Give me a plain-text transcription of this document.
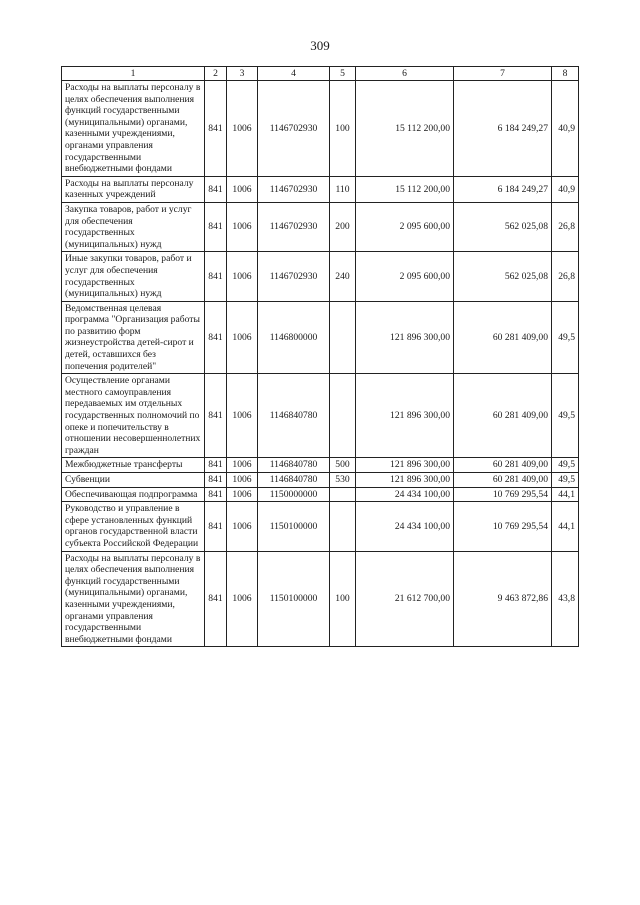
309
1	2	3	4	5	6	7	8
Расходы на выплаты персоналу в целях обеспечения выполнения функций государственными (муниципальными) органами, казенными учреждениями, органами управления государственными внебюджетными фондами	841	1006	1146702930	100	15 112 200,00	6 184 249,27	40,9
Расходы на выплаты персоналу казенных учреждений	841	1006	1146702930	110	15 112 200,00	6 184 249,27	40,9
Закупка товаров, работ и услуг для обеспечения государственных (муниципальных) нужд	841	1006	1146702930	200	2 095 600,00	562 025,08	26,8
Иные закупки товаров, работ и услуг для обеспечения государственных (муниципальных) нужд	841	1006	1146702930	240	2 095 600,00	562 025,08	26,8
Ведомственная целевая программа "Организация работы по развитию форм жизнеустройства детей-сирот и детей, оставшихся без попечения родителей"	841	1006	1146800000		121 896 300,00	60 281 409,00	49,5
Осуществление органами местного самоуправления передаваемых им отдельных государственных полномочий по опеке и попечительству в отношении несовершеннолетних граждан	841	1006	1146840780		121 896 300,00	60 281 409,00	49,5
Межбюджетные трансферты	841	1006	1146840780	500	121 896 300,00	60 281 409,00	49,5
Субвенции	841	1006	1146840780	530	121 896 300,00	60 281 409,00	49,5
Обеспечивающая подпрограмма	841	1006	1150000000		24 434 100,00	10 769 295,54	44,1
Руководство и управление в сфере установленных функций органов государственной власти субъекта Российской Федерации	841	1006	1150100000		24 434 100,00	10 769 295,54	44,1
Расходы на выплаты персоналу в целях обеспечения выполнения функций государственными (муниципальными) органами, казенными учреждениями, органами управления государственными внебюджетными фондами	841	1006	1150100000	100	21 612 700,00	9 463 872,86	43,8
